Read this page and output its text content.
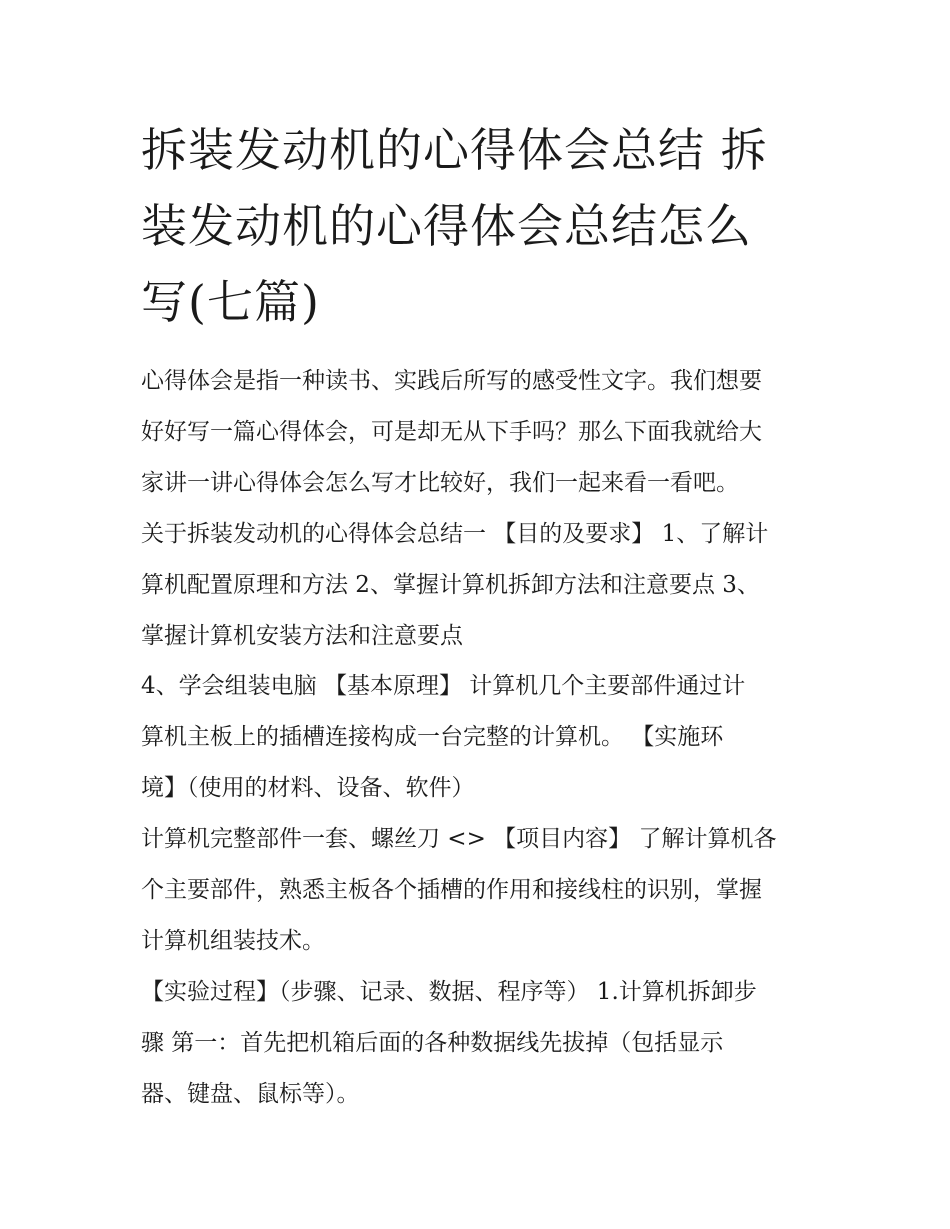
拆装发动机的心得体会总结 拆
装发动机的心得体会总结怎么
写(七篇)
心得体会是指一种读书、实践后所写的感受性文字。我们想要
好好写一篇心得体会，可是却无从下手吗？那么下面我就给大
家讲一讲心得体会怎么写才比较好，我们一起来看一看吧。
关于拆装发动机的心得体会总结一 【目的及要求】 1、了解计
算机配置原理和方法 2、掌握计算机拆卸方法和注意要点 3、
掌握计算机安装方法和注意要点
4、学会组装电脑 【基本原理】 计算机几个主要部件通过计
算机主板上的插槽连接构成一台完整的计算机。 【实施环
境】（使用的材料、设备、软件）
计算机完整部件一套、螺丝刀 <> 【项目内容】 了解计算机各
个主要部件，熟悉主板各个插槽的作用和接线柱的识别，掌握
计算机组装技术。
【实验过程】（步骤、记录、数据、程序等） 1.计算机拆卸步
骤 第一：首先把机箱后面的各种数据线先拔掉（包括显示
器、键盘、鼠标等）。
